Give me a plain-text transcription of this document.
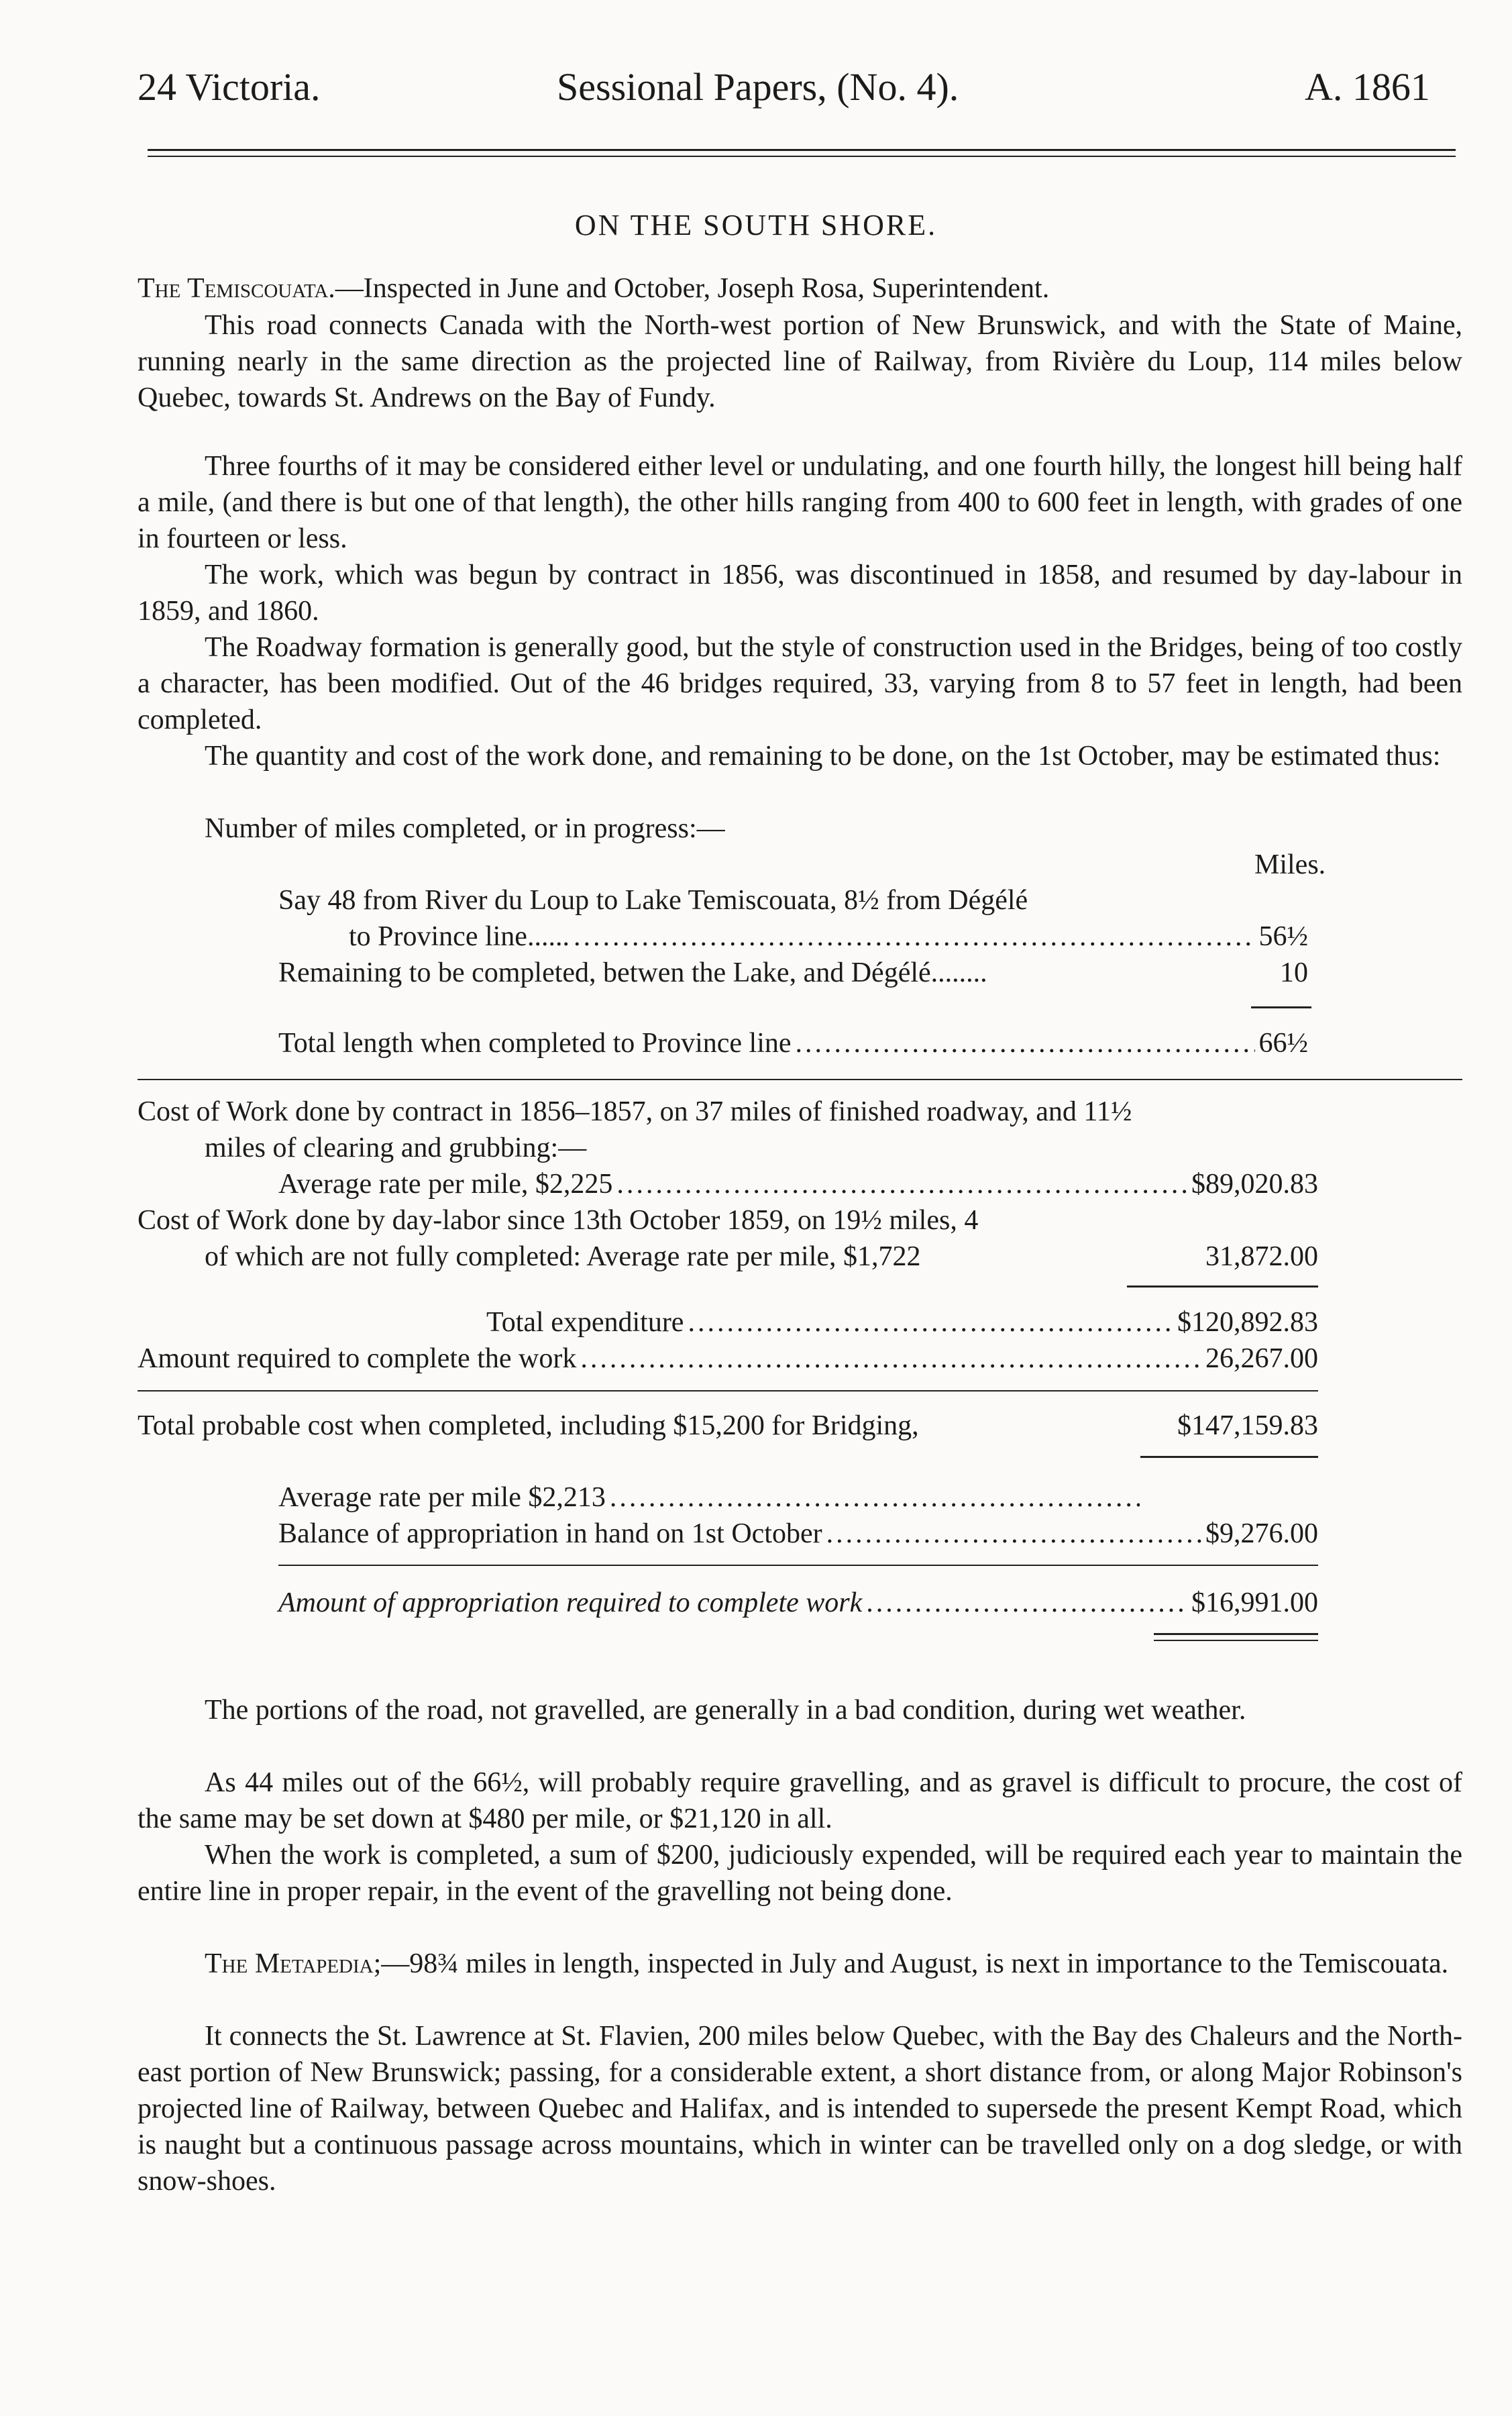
24 Victoria.	Sessional Papers, (No. 4).	A. 1861
ON THE SOUTH SHORE.
The Temiscouata.—Inspected in June and October, Joseph Rosa, Superintendent.
This road connects Canada with the North-west portion of New Brunswick, and with the State of Maine, running nearly in the same direction as the projected line of Railway, from Rivière du Loup, 114 miles below Quebec, towards St. Andrews on the Bay of Fundy.
Three fourths of it may be considered either level or undulating, and one fourth hilly, the longest hill being half a mile, (and there is but one of that length), the other hills ranging from 400 to 600 feet in length, with grades of one in fourteen or less.
The work, which was begun by contract in 1856, was discontinued in 1858, and resumed by day-labour in 1859, and 1860.
The Roadway formation is generally good, but the style of construction used in the Bridges, being of too costly a character, has been modified. Out of the 46 bridges required, 33, varying from 8 to 57 feet in length, had been completed.
The quantity and cost of the work done, and remaining to be done, on the 1st October, may be estimated thus:
Number of miles completed, or in progress:—
Miles.
Say 48 from River du Loup to Lake Temiscouata, 8½ from Dégélé
to Province line...... .....	56½
Remaining to be completed, betwen the Lake, and Dégélé........	10
Total length when completed to Province line .....	66½
Cost of Work done by contract in 1856–1857, on 37 miles of finished roadway, and 11½
miles of clearing and grubbing:—
Average rate per mile, $2,225 .....	$89,020.83
Cost of Work done by day-labor since 13th October 1859, on 19½ miles, 4
of which are not fully completed: Average rate per mile, $1,722	31,872.00
Total expenditure .....	$120,892.83
Amount required to complete the work .....	26,267.00
Total probable cost when completed, including $15,200 for Bridging,	$147,159.83
Average rate per mile $2,213
.....
Balance of appropriation in hand on 1st October .....	$9,276.00
Amount of appropriation required to complete work .....	$16,991.00
The portions of the road, not gravelled, are generally in a bad condition, during wet weather.
As 44 miles out of the 66½, will probably require gravelling, and as gravel is difficult to procure, the cost of the same may be set down at $480 per mile, or $21,120 in all.
When the work is completed, a sum of $200, judiciously expended, will be required each year to maintain the entire line in proper repair, in the event of the gravelling not being done.
The Metapedia;—98¾ miles in length, inspected in July and August, is next in importance to the Temiscouata.
It connects the St. Lawrence at St. Flavien, 200 miles below Quebec, with the Bay des Chaleurs and the North-east portion of New Brunswick; passing, for a considerable extent, a short distance from, or along Major Robinson's projected line of Railway, between Quebec and Halifax, and is intended to supersede the present Kempt Road, which is naught but a continuous passage across mountains, which in winter can be travelled only on a dog sledge, or with snow-shoes.
